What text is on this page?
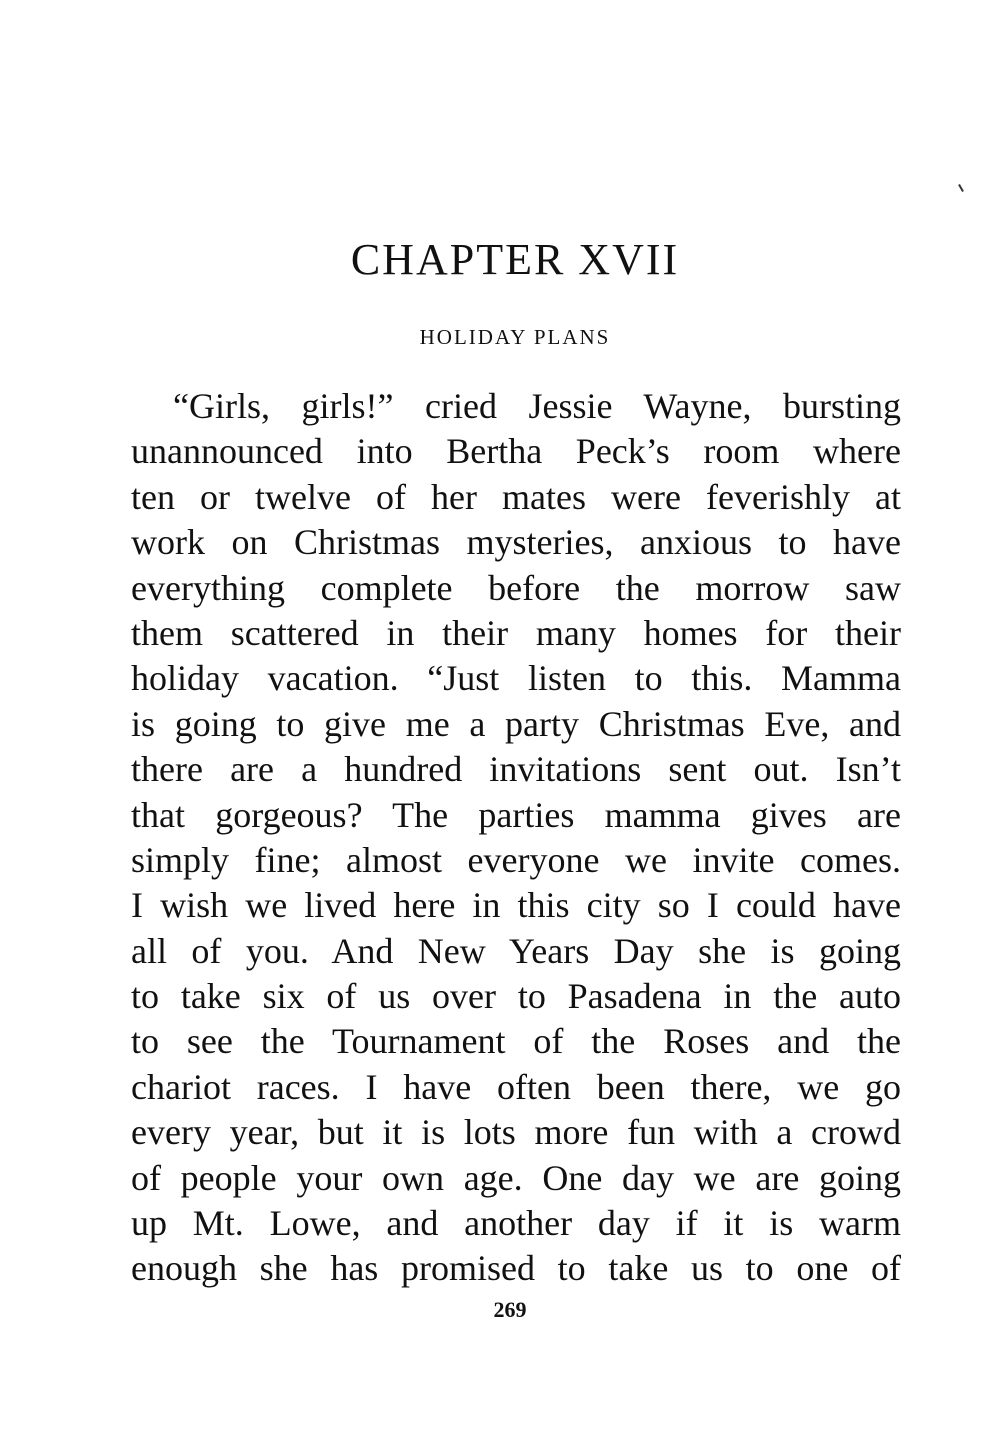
CHAPTER XVII
HOLIDAY PLANS
“Girls, girls!” cried Jessie Wayne, bursting
unannounced into Bertha Peck’s room where
ten or twelve of her mates were feverishly at
work on Christmas mysteries, anxious to have
everything complete before the morrow saw
them scattered in their many homes for their
holiday vacation. “Just listen to this. Mamma
is going to give me a party Christmas Eve, and
there are a hundred invitations sent out. Isn’t
that gorgeous? The parties mamma gives are
simply fine; almost everyone we invite comes.
I wish we lived here in this city so I could have
all of you. And New Years Day she is going
to take six of us over to Pasadena in the auto
to see the Tournament of the Roses and the
chariot races. I have often been there, we go
every year, but it is lots more fun with a crowd
of people your own age. One day we are going
up Mt. Lowe, and another day if it is warm
enough she has promised to take us to one of
269
